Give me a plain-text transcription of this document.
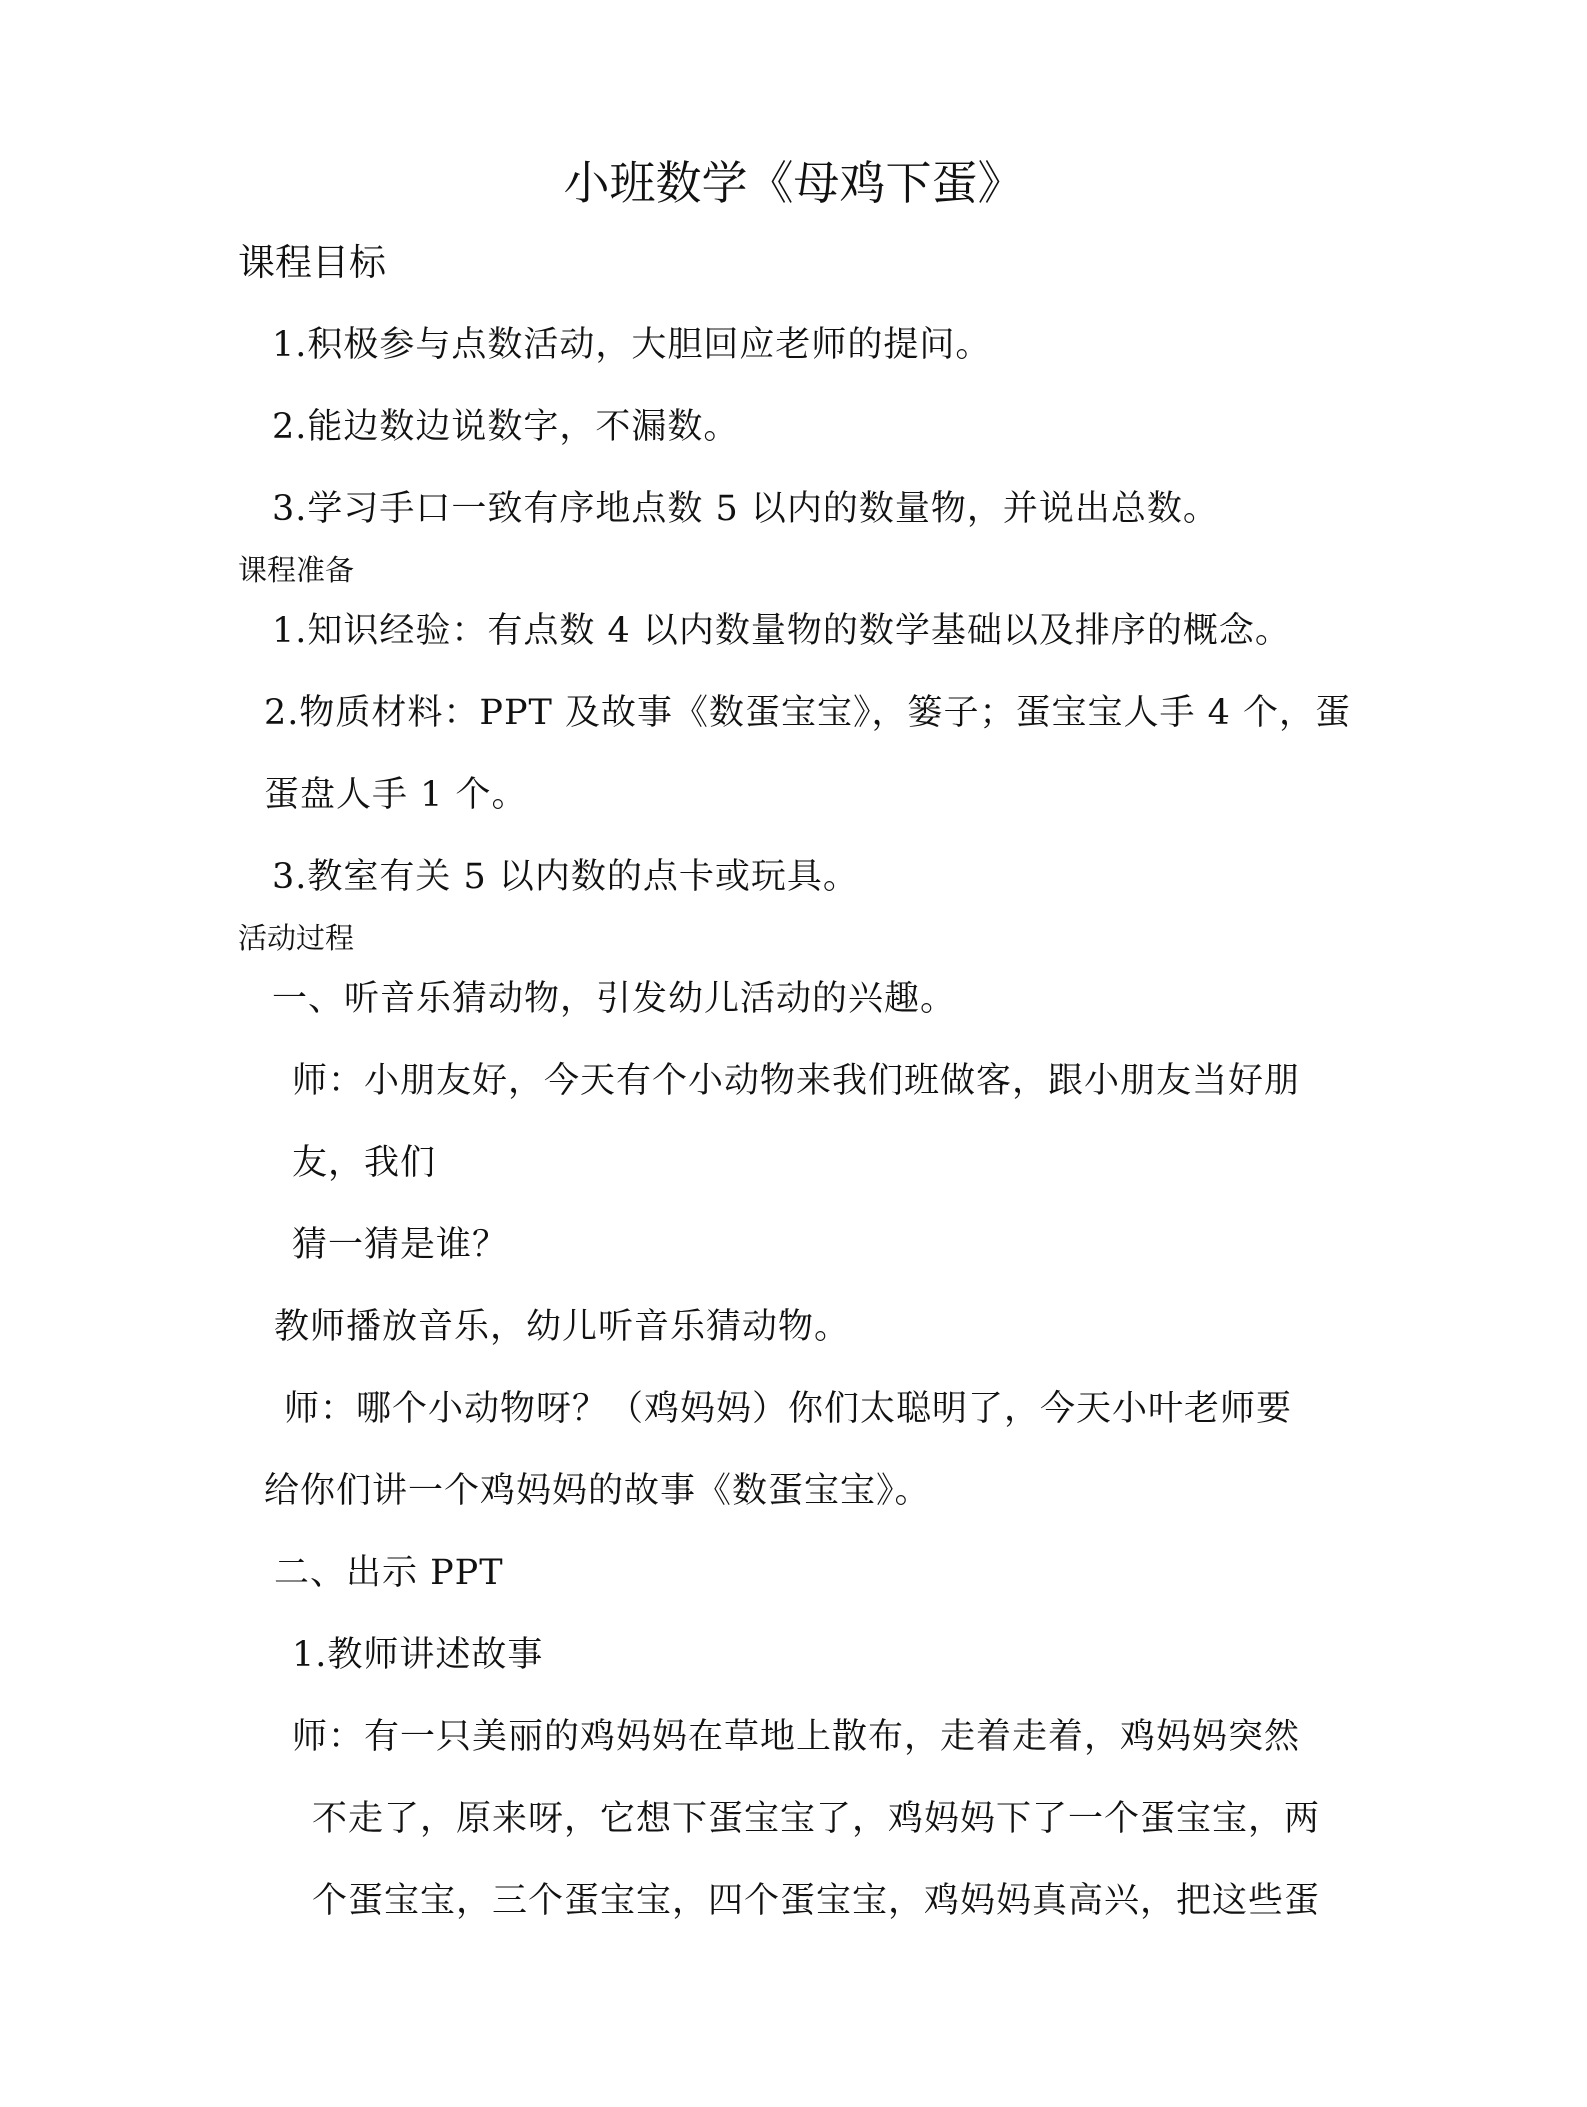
小班数学《母鸡下蛋》
课程目标
1.积极参与点数活动，大胆回应老师的提问。
2.能边数边说数字，不漏数。
3.学习手口一致有序地点数 5 以内的数量物，并说出总数。
课程准备
1.知识经验：有点数 4 以内数量物的数学基础以及排序的概念。
2.物质材料：PPT 及故事《数蛋宝宝》，篓子；蛋宝宝人手 4 个，蛋
蛋盘人手 1 个。
3.教室有关 5 以内数的点卡或玩具。
活动过程
一、听音乐猜动物，引发幼儿活动的兴趣。
师：小朋友好，今天有个小动物来我们班做客，跟小朋友当好朋
友，我们
猜一猜是谁？
教师播放音乐，幼儿听音乐猜动物。
师：哪个小动物呀？（鸡妈妈）你们太聪明了，今天小叶老师要
给你们讲一个鸡妈妈的故事《数蛋宝宝》。
二、出示 PPT
1.教师讲述故事
师：有一只美丽的鸡妈妈在草地上散布，走着走着，鸡妈妈突然
不走了，原来呀，它想下蛋宝宝了，鸡妈妈下了一个蛋宝宝，两
个蛋宝宝，三个蛋宝宝，四个蛋宝宝，鸡妈妈真高兴，把这些蛋
